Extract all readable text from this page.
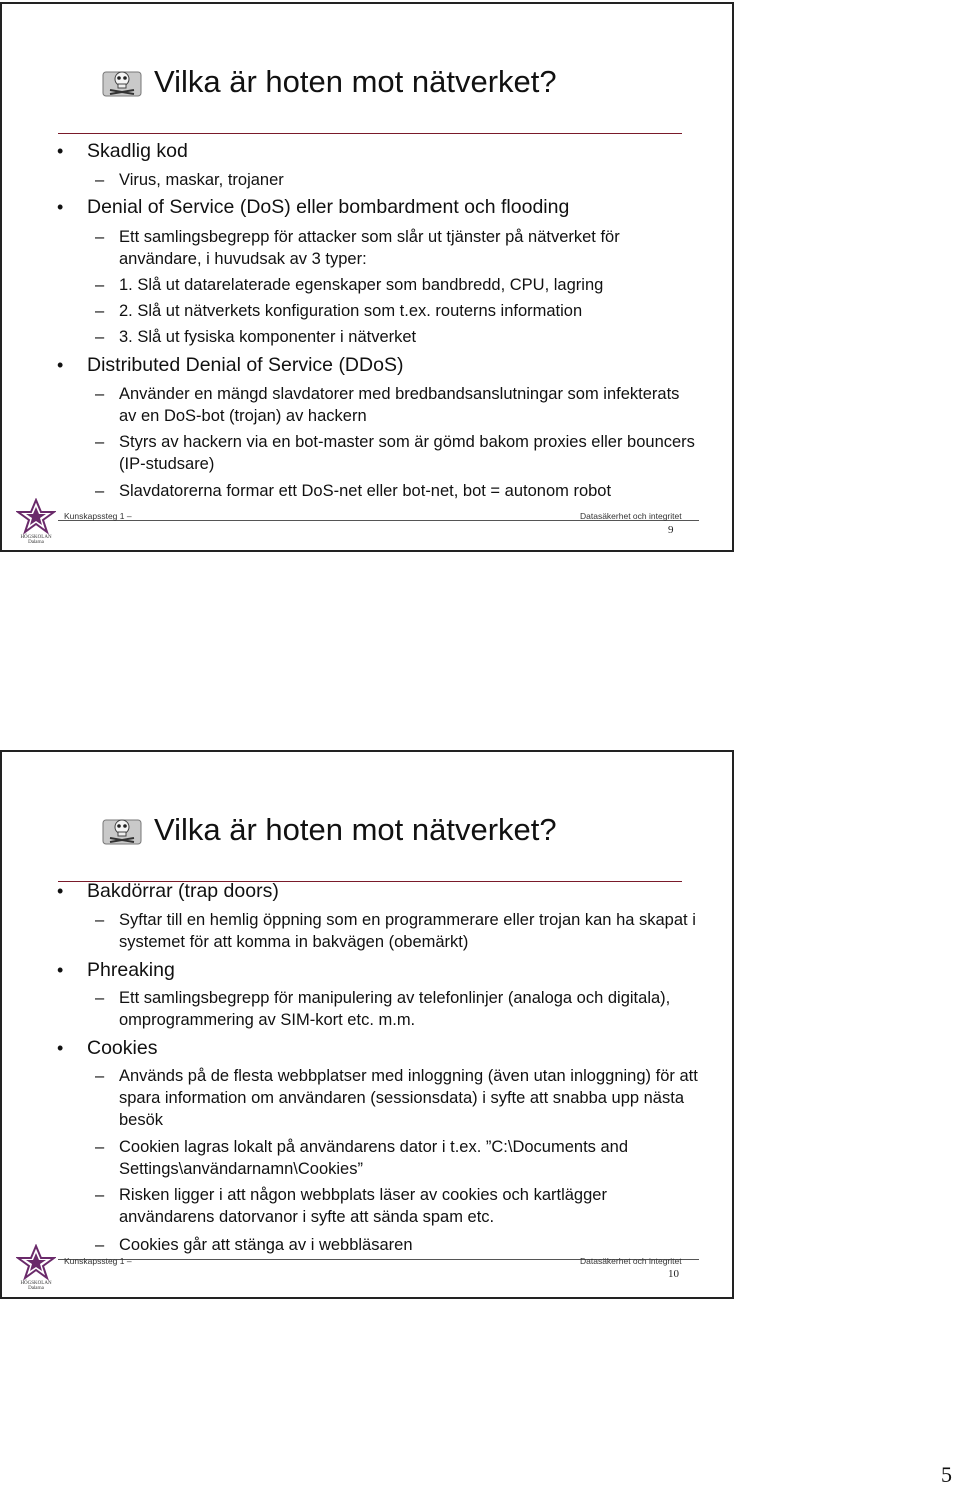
Vilka är hoten mot nätverket?
• Skadlig kod
– Virus, maskar, trojaner
• Denial of Service (DoS) eller bombardment och flooding
– Ett samlingsbegrepp för attacker som slår ut tjänster på nätverket för användare, i huvudsak av 3 typer:
– 1. Slå ut datarelaterade egenskaper som bandbredd, CPU, lagring
– 2. Slå ut nätverkets konfiguration som t.ex. routerns information
– 3. Slå ut fysiska komponenter i nätverket
• Distributed Denial of Service (DDoS)
– Använder en mängd slavdatorer med bredbandsanslutningar som infekterats av en DoS-bot (trojan) av hackern
– Styrs av hackern via en bot-master som är gömd bakom proxies eller bouncers (IP-studsare)
– Slavdatorerna formar ett DoS-net eller bot-net, bot = autonom robot
HÖGSKOLAN
Dalarna
Kunskapssteg 1 –	Datasäkerhet och integritet
9
Vilka är hoten mot nätverket?
• Bakdörrar (trap doors)
– Syftar till en hemlig öppning som en programmerare eller trojan kan ha skapat i systemet för att komma in bakvägen (obemärkt)
• Phreaking
– Ett samlingsbegrepp för manipulering av telefonlinjer (analoga och digitala), omprogrammering av SIM-kort etc. m.m.
• Cookies
– Används på de flesta webbplatser med inloggning (även utan inloggning) för att spara information om användaren (sessionsdata) i syfte att snabba upp nästa besök
– Cookien lagras lokalt på användarens dator i t.ex. ”C:\Documents and Settings\användarnamn\Cookies”
– Risken ligger i att någon webbplats läser av cookies och kartlägger användarens datorvanor i syfte att sända spam etc.
– Cookies går att stänga av i webbläsaren
HÖGSKOLAN
Dalarna
Kunskapssteg 1 –	Datasäkerhet och integritet
10
5
